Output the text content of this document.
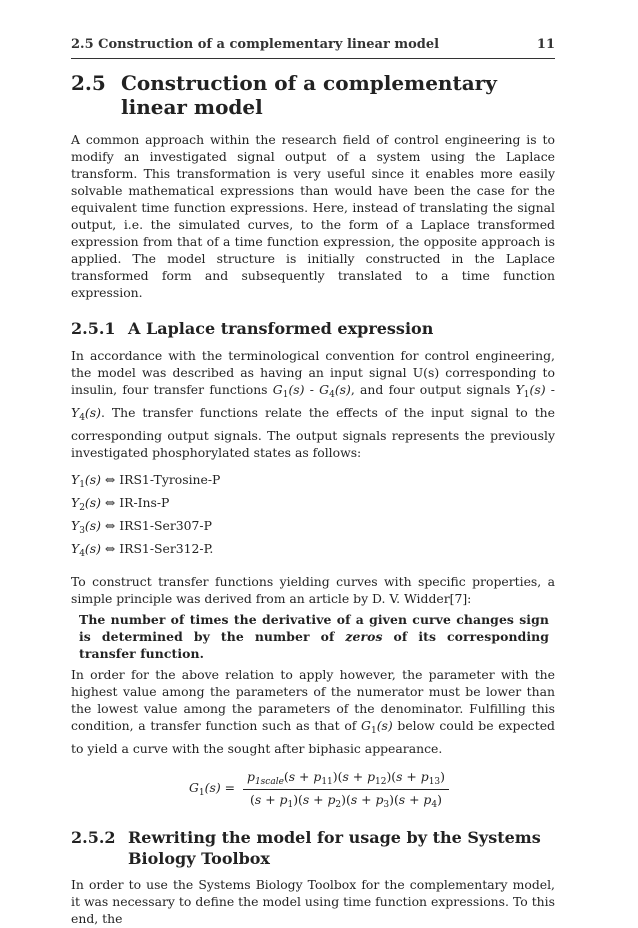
2.5 Construction of a complementary linear model	11
2.5 Construction of a complementary linear model

A common approach within the research field of control engineering is to modify an investigated signal output of a system using the Laplace transform. This transformation is very useful since it enables more easily solvable mathematical expressions than would have been the case for the equivalent time function expressions. Here, instead of translating the signal output, i.e. the simulated curves, to the form of a Laplace transformed expression from that of a time function expression, the opposite approach is applied. The model structure is initially constructed in the Laplace transformed form and subsequently translated to a time function expression.

2.5.1 A Laplace transformed expression

In accordance with the terminological convention for control engineering, the model was described as having an input signal U(s) corresponding to insulin, four transfer functions $G_1(s) - G_4(s)$, and four output signals $Y_1(s) - Y_4(s)$. The transfer functions relate the effects of the input signal to the corresponding output signals. The output signals represents the previously investigated phosphorylated states as follows:

$Y_1(s)$ ⇔ IRS1-Tyrosine-P
$Y_2(s)$ ⇔ IR-Ins-P
$Y_3(s)$ ⇔ IRS1-Ser307-P
$Y_4(s)$ ⇔ IRS1-Ser312-P.

To construct transfer functions yielding curves with specific properties, a simple principle was derived from an article by D. V. Widder[7]:

The number of times the derivative of a given curve changes sign is determined by the number of zeros of its corresponding transfer function.

In order for the above relation to apply however, the parameter with the highest value among the parameters of the numerator must be lower than the lowest value among the parameters of the denominator. Fulfilling this condition, a transfer function such as that of $G_1(s)$ below could be expected to yield a curve with the sought after biphasic appearance.

$G_1(s) = \frac{p_{1scale}(s + p_{11})(s + p_{12})(s + p_{13})}{(s + p_1)(s + p_2)(s + p_3)(s + p_4)}$
2.5.2 Rewriting the model for usage by the Systems Biology Toolbox

In order to use the Systems Biology Toolbox for the complementary model, it was necessary to define the model using time function expressions. To this end, the
